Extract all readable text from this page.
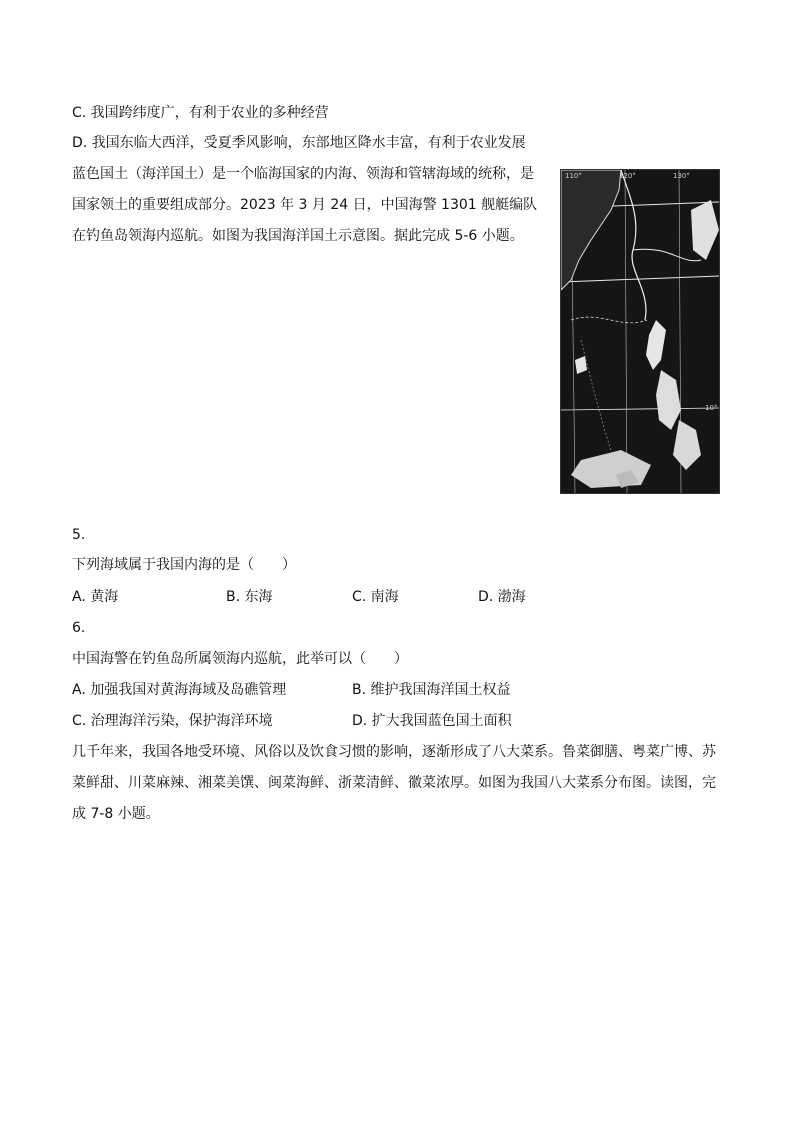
C. 我国跨纬度广，有利于农业的多种经营
D. 我国东临大西洋，受夏季风影响，东部地区降水丰富，有利于农业发展
蓝色国土（海洋国土）是一个临海国家的内海、领海和管辖海域的统称，是国家领土的重要组成部分。2023 年 3 月 24 日，中国海警 1301 舰艇编队在钓鱼岛领海内巡航。如图为我国海洋国土示意图。据此完成 5-6 小题。
110°	120°	130°
10°
5.
下列海域属于我国内海的是（　　）
A. 黄海	B. 东海	C. 南海	D. 渤海
6.
中国海警在钓鱼岛所属领海内巡航，此举可以（　　）
A. 加强我国对黄海海域及岛礁管理	B. 维护我国海洋国土权益
C. 治理海洋污染，保护海洋环境	D. 扩大我国蓝色国土面积
几千年来，我国各地受环境、风俗以及饮食习惯的影响，逐渐形成了八大菜系。鲁菜御膳、粤菜广博、苏菜鲜甜、川菜麻辣、湘菜美馔、闽菜海鲜、浙菜清鲜、徽菜浓厚。如图为我国八大菜系分布图。读图，完成 7-8 小题。
